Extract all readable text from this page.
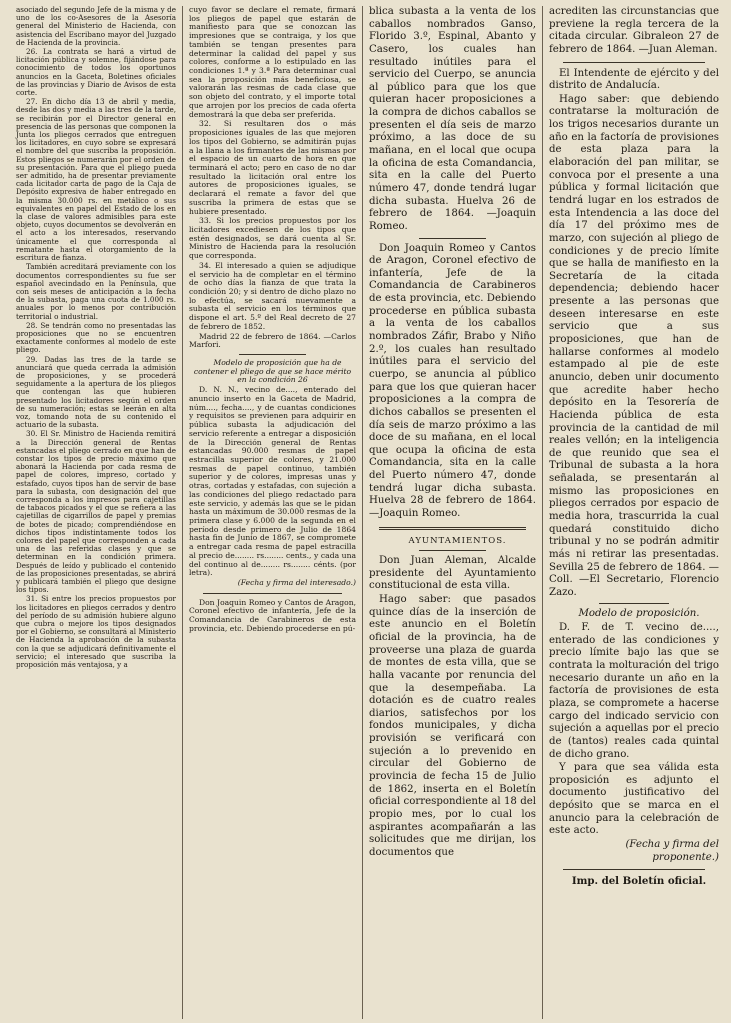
asociado del segundo Jefe de la misma y de uno de los co-Asesores de la Asesoría general del Ministerio de Hacienda, con asistencia del Escribano mayor del Juzgado de Hacienda de la provincia.

26. La contrata se hará a virtud de licitación pública y solemne, fijándose para conocimiento de todos los oportunos anuncios en la Gaceta, Boletines oficiales de las provincias y Diario de Avisos de esta corte.

27. En dicho día 13 de abril y media, desde las dos y media a las tres de la tarde, se recibirán por el Director general en presencia de las personas que componen la Junta los pliegos cerrados que entreguen los licitadores, en cuyo sobre se expresará el nombre del que suscriba la proposición. Estos pliegos se numerarán por el orden de su presentación. Para que el pliego pueda ser admitido, ha de presentar previamente cada licitador carta de pago de la Caja de Depósito expresiva de haber entregado en la misma 30.000 rs. en metálico o sus equivalentes en papel del Estado de los en la clase de valores admisibles para este objeto, cuyos documentos se devolverán en el acto a los interesados, reservando únicamente el que corresponda al rematante hasta el otorgamiento de la escritura de fianza.

También acreditará previamente con los documentos correspondientes su fue ser español avecindado en la Península, que con seis meses de anticipación a la fecha de la subasta, paga una cuota de 1.000 rs. anuales por lo menos por contribución territorial o industrial.

28. Se tendrán como no presentadas las proposiciones que no se encuentren exactamente conformes al modelo de este pliego.

29. Dadas las tres de la tarde se anunciará que queda cerrada la admisión de proposiciones, y se procederá seguidamente a la apertura de los pliegos que contengan las que hubieren presentado los licitadores según el orden de su numeración; estas se leerán en alta voz, tomando nota de su contenido el actuario de la subasta.

30. El Sr. Ministro de Hacienda remitirá a la Dirección general de Rentas estancadas el pliego cerrado en que han de constar los tipos de precio máximo que abonará la Hacienda por cada resma de papel de colores, impreso, cortado y estafado, cuyos tipos han de servir de base para la subasta, con designación del que corresponda a los impresos para cajetillas de tabacos picados y el que se refiera a las cajetillas de cigarrillos de papel y premias de botes de picado; comprendiéndose en dichos tipos indistintamente todos los colores del papel que corresponden a cada una de las referidas clases y que se determinan en la condición primera. Después de leído y publicado el contenido de las proposiciones presentadas, se abrirá y publicará también el pliego que designe los tipos.

31. Si entre los precios propuestos por los licitadores en pliegos cerrados y dentro del período de su admisión hubiere alguno que cubra o mejore los tipos designados por el Gobierno, se consultará al Ministerio de Hacienda la aprobación de la subasta con la que se adjudicará definitivamente el servicio; el interesado que suscriba la proposición más ventajosa, y a

cuyo favor se declare el remate, firmará los pliegos de papel que estarán de manifiesto para que se conozcan las impresiones que se contraiga, y los que también se tengan presentes para determinar la calidad del papel y sus colores, conforme a lo estipulado en las condiciones 1.ª y 3.ª Para determinar cual sea la proposición más beneficiosa, se valorarán las resmas de cada clase que son objeto del contrato, y el importe total que arrojen por los precios de cada oferta demostrará la que deba ser preferida.

32. Si resultaren dos o más proposiciones iguales de las que mejoren los tipos del Gobierno, se admitirán pujas a la llana a los firmantes de las mismas por el espacio de un cuarto de hora en que terminará el acto; pero en caso de no dar resultado la licitación oral entre los autores de proposiciones iguales, se declarará el remate a favor del que suscriba la primera de estas que se hubiere presentado.

33. Si los precios propuestos por los licitadores excediesen de los tipos que estén designados, se dará cuenta al Sr. Ministro de Hacienda para la resolución que corresponda.

34. El interesado a quien se adjudique el servicio ha de completar en el término de ocho días la fianza de que trata la condición 20; y si dentro de dicho plazo no lo efectúa, se sacará nuevamente a subasta el servicio en los términos que dispone el art. 5.º del Real decreto de 27 de febrero de 1852.

Madrid 22 de febrero de 1864. —Carlos Marfori.

Modelo de proposición que ha de contener el pliego de que se hace mérito en la condición 26

D. N. N., vecino de...., enterado del anuncio inserto en la Gaceta de Madrid, núm...., fecha...., y de cuantas condiciones y requisitos se previenen para adquirir en pública subasta la adjudicación del servicio referente a entregar a disposición de la Dirección general de Rentas estancadas 90.000 resmas de papel estracilla superior de colores, y 21.000 resmas de papel continuo, también superior y de colores, impresas unas y otras, cortadas y estafadas, con sujeción a las condiciones del pliego redactado para este servicio, y además las que se le pidan hasta un máximum de 30.000 resmas de la primera clase y 6.000 de la segunda en el período desde primero de Julio de 1864 hasta fin de Junio de 1867, se compromete a entregar cada resma de papel estracilla al precio de........ rs........ cents., y cada una del continuo al de........ rs........ cénts. (por letra).

(Fecha y firma del interesado.)

Don Joaquin Romeo y Cantos de Aragon, Coronel efectivo de infantería, Jefe de la Comandancia de Carabineros de esta provincia, etc. Debiendo procederse en pú-

blica subasta a la venta de los caballos nombrados Ganso, Florido 3.º, Espinal, Abanto y Casero, los cuales han resultado inútiles para el servicio del Cuerpo, se anuncia al público para que los que quieran hacer proposiciones a la compra de dichos caballos se presenten el día seis de marzo próximo, a las doce de su mañana, en el local que ocupa la oficina de esta Comandancia, sita en la calle del Puerto número 47, donde tendrá lugar dicha subasta. Huelva 26 de febrero de 1864. —Joaquin Romeo.

Don Joaquin Romeo y Cantos de Aragon, Coronel efectivo de infantería, Jefe de la Comandancia de Carabineros de esta provincia, etc. Debiendo procederse en pública subasta a la venta de los caballos nombrados Záfir, Brabo y Niño 2.º, los cuales han resultado inútiles para el servicio del cuerpo, se anuncia al público para que los que quieran hacer proposiciones a la compra de dichos caballos se presenten el día seis de marzo próximo a las doce de su mañana, en el local que ocupa la oficina de esta Comandancia, sita en la calle del Puerto número 47, donde tendrá lugar dicha subasta. Huelva 28 de febrero de 1864.—Joaquin Romeo.

AYUNTAMIENTOS.

Don Juan Aleman, Alcalde presidente del Ayuntamiento constitucional de esta villa.

Hago saber: que pasados quince días de la inserción de este anuncio en el Boletín oficial de la provincia, ha de proveerse una plaza de guarda de montes de esta villa, que se halla vacante por renuncia del que la desempeñaba. La dotación es de cuatro reales diarios, satisfechos por los fondos municipales, y dicha provisión se verificará con sujeción a lo prevenido en circular del Gobierno de provincia de fecha 15 de Julio de 1862, inserta en el Boletín oficial correspondiente al 18 del propio mes, por lo cual los aspirantes acompañarán a las solicitudes que me dirijan, los documentos que

acrediten las circunstancias que previene la regla tercera de la citada circular. Gibraleon 27 de febrero de 1864. —Juan Aleman.

El Intendente de ejército y del distrito de Andalucía.

Hago saber: que debiendo contratarse la molturación de los trigos necesarios durante un año en la factoría de provisiones de esta plaza para la elaboración del pan militar, se convoca por el presente a una pública y formal licitación que tendrá lugar en los estrados de esta Intendencia a las doce del día 17 del próximo mes de marzo, con sujeción al pliego de condiciones y de precio límite que se halla de manifiesto en la Secretaría de la citada dependencia; debiendo hacer presente a las personas que deseen interesarse en este servicio que a sus proposiciones, que han de hallarse conformes al modelo estampado al pie de este anuncio, deben unir documento que acredite haber hecho depósito en la Tesorería de Hacienda pública de esta provincia de la cantidad de mil reales vellón; en la inteligencia de que reunido que sea el Tribunal de subasta a la hora señalada, se presentarán al mismo las proposiciones en pliegos cerrados por espacio de media hora, trascurrida la cual quedará constituido dicho tribunal y no se podrán admitir más ni retirar las presentadas. Sevilla 25 de febrero de 1864. —Coll. —El Secretario, Florencio Zazo.

Modelo de proposición.

D. F. de T. vecino de...., enterado de las condiciones y precio límite bajo las que se contrata la molturación del trigo necesario durante un año en la factoría de provisiones de esta plaza, se compromete a hacerse cargo del indicado servicio con sujeción a aquellas por el precio de (tantos) reales cada quintal de dicho grano.

Y para que sea válida esta proposición es adjunto el documento justificativo del depósito que se marca en el anuncio para la celebración de este acto.

(Fecha y firma del proponente.)

Imp. del Boletín oficial.
